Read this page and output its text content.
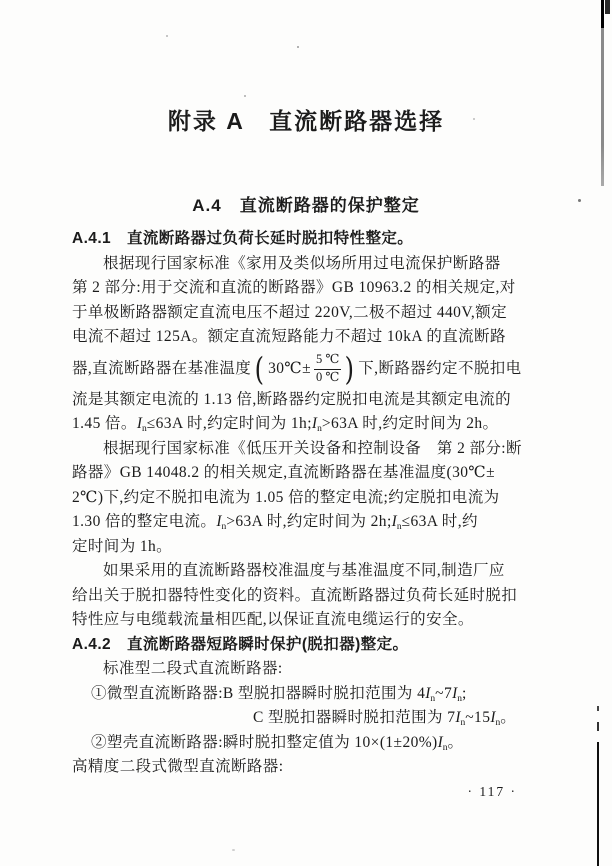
附录 A　直流断路器选择
A.4　直流断路器的保护整定
A.4.1　直流断路器过负荷长延时脱扣特性整定。
根据现行国家标准《家用及类似场所用过电流保护断路器
第 2 部分:用于交流和直流的断路器》GB 10963.2 的相关规定,对
于单极断路器额定直流电压不超过 220V,二极不超过 440V,额定
电流不超过 125A。额定直流短路能力不超过 10kA 的直流断路
器,直流断路器在基准温度 ( 30℃± $\frac{5 ℃}{0 ℃}$ ) 下,断路器约定不脱扣电
流是其额定电流的 1.13 倍,断路器约定脱扣电流是其额定电流的
1.45 倍。$I_n\le 63A$ 时,约定时间为 $1h;I_n>63A$ 时,约定时间为 2h。
根据现行国家标准《低压开关设备和控制设备　第 2 部分:断
路器》GB 14048.2 的相关规定,直流断路器在基准温度(30℃±
2℃)下,约定不脱扣电流为 1.05 倍的整定电流;约定脱扣电流为
1.30 倍的整定电流。$I_n>63A$ 时,约定时间为 $2h;I_n\le 63A$ 时,约
定时间为 1h。
如果采用的直流断路器校准温度与基准温度不同,制造厂应
给出关于脱扣器特性变化的资料。直流断路器过负荷长延时脱扣
特性应与电缆载流量相匹配,以保证直流电缆运行的安全。
A.4.2　直流断路器短路瞬时保护(脱扣器)整定。
标准型二段式直流断路器:
①微型直流断路器:B 型脱扣器瞬时脱扣范围为 $4I_n\sim 7I_n$;
C 型脱扣器瞬时脱扣范围为 $7I_n\sim 15I_n$。
②塑壳直流断路器:瞬时脱扣整定值为 $10\times(1\pm 20\%)I_n$。
高精度二段式微型直流断路器:
· 117 ·
